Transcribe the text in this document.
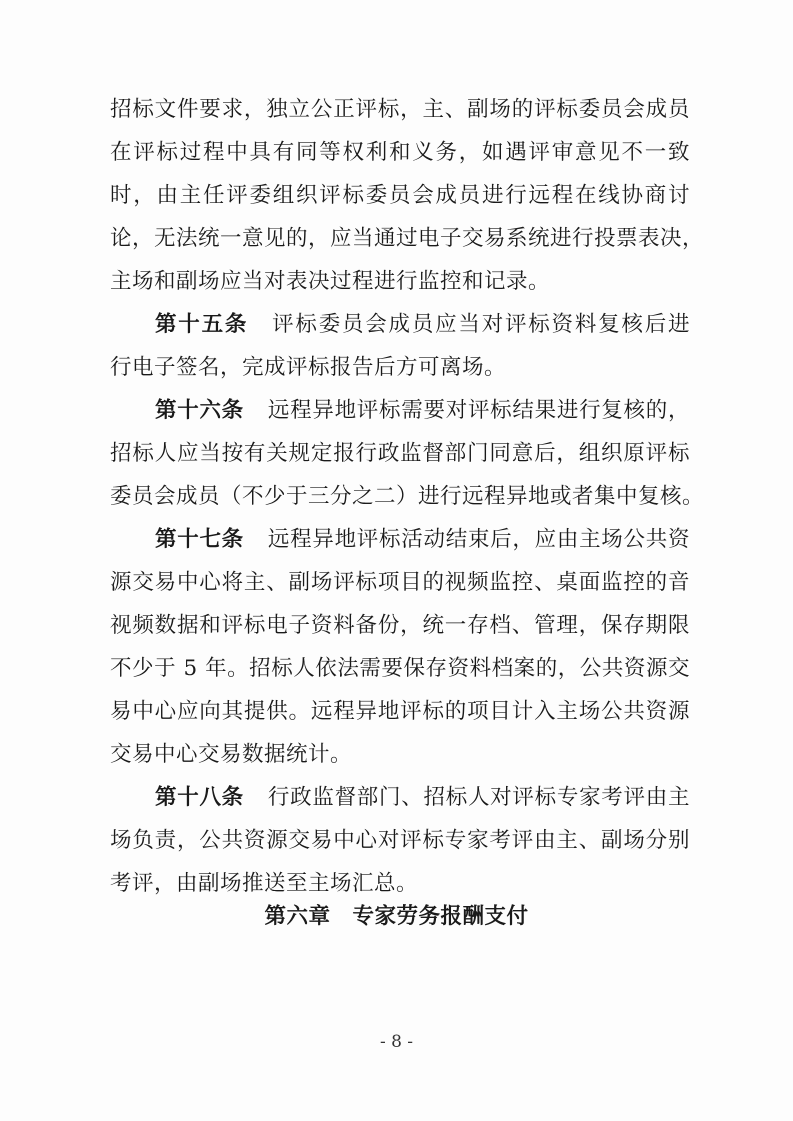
招标文件要求，独立公正评标，主、副场的评标委员会成员
在评标过程中具有同等权利和义务，如遇评审意见不一致
时，由主任评委组织评标委员会成员进行远程在线协商讨
论，无法统一意见的，应当通过电子交易系统进行投票表决，
主场和副场应当对表决过程进行监控和记录。
第十五条 评标委员会成员应当对评标资料复核后进
行电子签名，完成评标报告后方可离场。
第十六条 远程异地评标需要对评标结果进行复核的，
招标人应当按有关规定报行政监督部门同意后，组织原评标
委员会成员（不少于三分之二）进行远程异地或者集中复核。
第十七条 远程异地评标活动结束后，应由主场公共资
源交易中心将主、副场评标项目的视频监控、桌面监控的音
视频数据和评标电子资料备份，统一存档、管理，保存期限
不少于 5 年。招标人依法需要保存资料档案的，公共资源交
易中心应向其提供。远程异地评标的项目计入主场公共资源
交易中心交易数据统计。
第十八条 行政监督部门、招标人对评标专家考评由主
场负责，公共资源交易中心对评标专家考评由主、副场分别
考评，由副场推送至主场汇总。
第六章 专家劳务报酬支付
- 8 -
